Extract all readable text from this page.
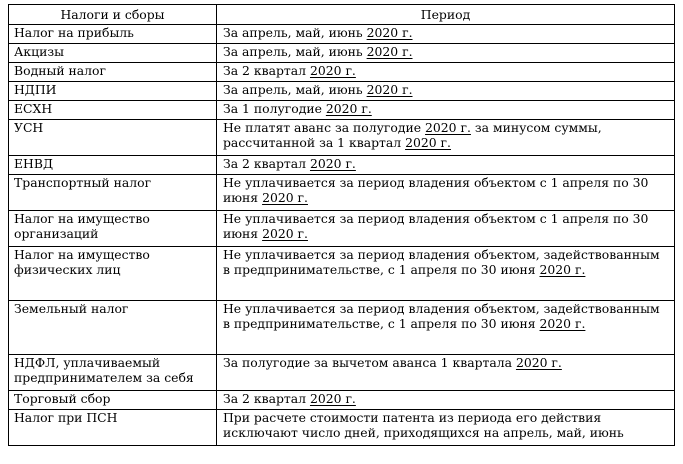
Налоги и сборы	Период
Налог на прибыль	За апрель, май, июнь 2020 г.
Акцизы	За апрель, май, июнь 2020 г.
Водный налог	За 2 квартал 2020 г.
НДПИ	За апрель, май, июнь 2020 г.
ЕСХН	За 1 полугодие 2020 г.
УСН	Не платят аванс за полугодие 2020 г. за минусом суммы, рассчитанной за 1 квартал 2020 г.
ЕНВД	За 2 квартал 2020 г.
Транспортный налог	Не уплачивается за период владения объектом с 1 апреля по 30 июня 2020 г.
Налог на имущество организаций	Не уплачивается за период владения объектом с 1 апреля по 30 июня 2020 г.
Налог на имущество физических лиц	Не уплачивается за период владения объектом, задействованным в предпринимательстве, с 1 апреля по 30 июня 2020 г.
Земельный налог	Не уплачивается за период владения объектом, задействованным в предпринимательстве, с 1 апреля по 30 июня 2020 г.
НДФЛ, уплачиваемый предпринимателем за себя	За полугодие за вычетом аванса 1 квартала 2020 г.
Торговый сбор	За 2 квартал 2020 г.
Налог при ПСН	При расчете стоимости патента из периода его действия исключают число дней, приходящихся на апрель, май, июнь
